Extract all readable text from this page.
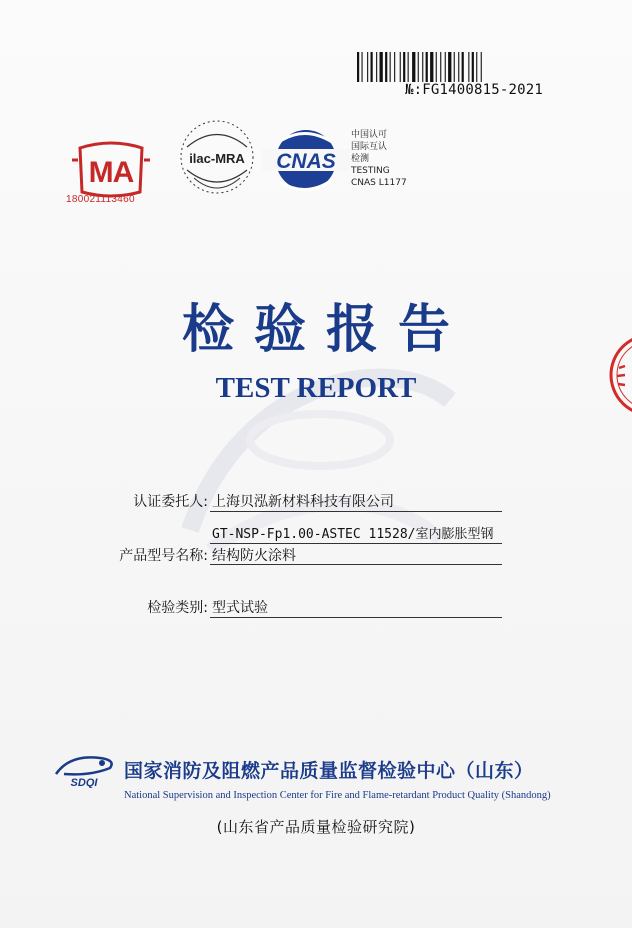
№:FG1400815-2021
MA
180021113460
ilac-MRA CNAS
中国认可
国际互认
检测
TESTING
CNAS L1177
检验报告
TEST REPORT
认证委托人: 上海贝泓新材料科技有限公司
GT-NSP-Fp1.00-ASTEC 11528/室内膨胀型钢
产品型号名称: 结构防火涂料
检验类别: 型式试验
SDQI
国家消防及阻燃产品质量监督检验中心（山东）
National Supervision and Inspection Center for Fire and Flame-retardant Product Quality (Shandong)
(山东省产品质量检验研究院)
